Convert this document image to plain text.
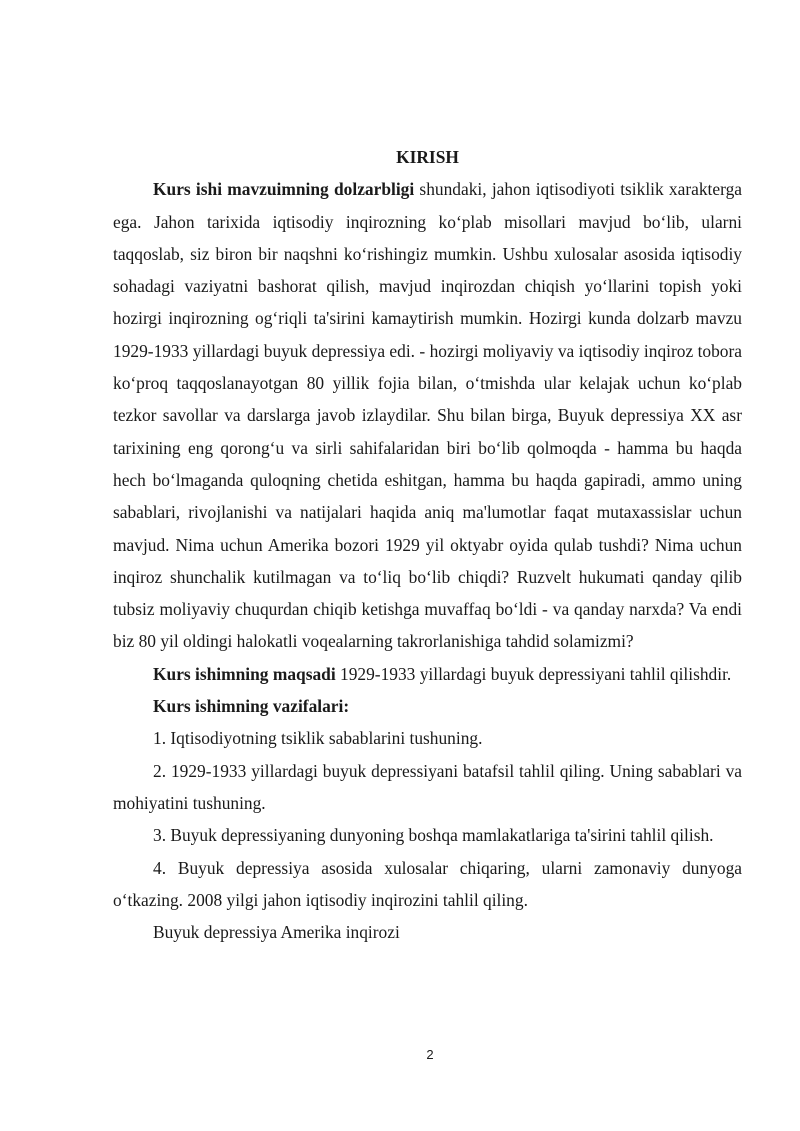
KIRISH

Kurs ishi mavzuimning dolzarbligi shundaki, jahon iqtisodiyoti tsiklik xarakterga ega. Jahon tarixida iqtisodiy inqirozning koʻplab misollari mavjud boʻlib, ularni taqqoslab, siz biron bir naqshni koʻrishingiz mumkin. Ushbu xulosalar asosida iqtisodiy sohadagi vaziyatni bashorat qilish, mavjud inqirozdan chiqish yoʻllarini topish yoki hozirgi inqirozning ogʻriqli ta'sirini kamaytirish mumkin. Hozirgi kunda dolzarb mavzu 1929-1933 yillardagi buyuk depressiya edi. - hozirgi moliyaviy va iqtisodiy inqiroz tobora koʻproq taqqoslanayotgan 80 yillik fojia bilan, oʻtmishda ular kelajak uchun koʻplab tezkor savollar va darslarga javob izlaydilar. Shu bilan birga, Buyuk depressiya XX asr tarixining eng qorongʻu va sirli sahifalaridan biri boʻlib qolmoqda - hamma bu haqda hech boʻlmaganda quloqning chetida eshitgan, hamma bu haqda gapiradi, ammo uning sabablari, rivojlanishi va natijalari haqida aniq ma'lumotlar faqat mutaxassislar uchun mavjud. Nima uchun Amerika bozori 1929 yil oktyabr oyida qulab tushdi? Nima uchun inqiroz shunchalik kutilmagan va toʻliq boʻlib chiqdi? Ruzvelt hukumati qanday qilib tubsiz moliyaviy chuqurdan chiqib ketishga muvaffaq boʻldi - va qanday narxda? Va endi biz 80 yil oldingi halokatli voqealarning takrorlanishiga tahdid solamizmi?

Kurs ishimning maqsadi 1929-1933 yillardagi buyuk depressiyani tahlil qilishdir.

Kurs ishimning vazifalari:

1. Iqtisodiyotning tsiklik sabablarini tushuning.

2. 1929-1933 yillardagi buyuk depressiyani batafsil tahlil qiling. Uning sabablari va mohiyatini tushuning.

3. Buyuk depressiyaning dunyoning boshqa mamlakatlariga ta'sirini tahlil qilish.

4. Buyuk depressiya asosida xulosalar chiqaring, ularni zamonaviy dunyoga oʻtkazing. 2008 yilgi jahon iqtisodiy inqirozini tahlil qiling.

Buyuk depressiya Amerika inqirozi

2
